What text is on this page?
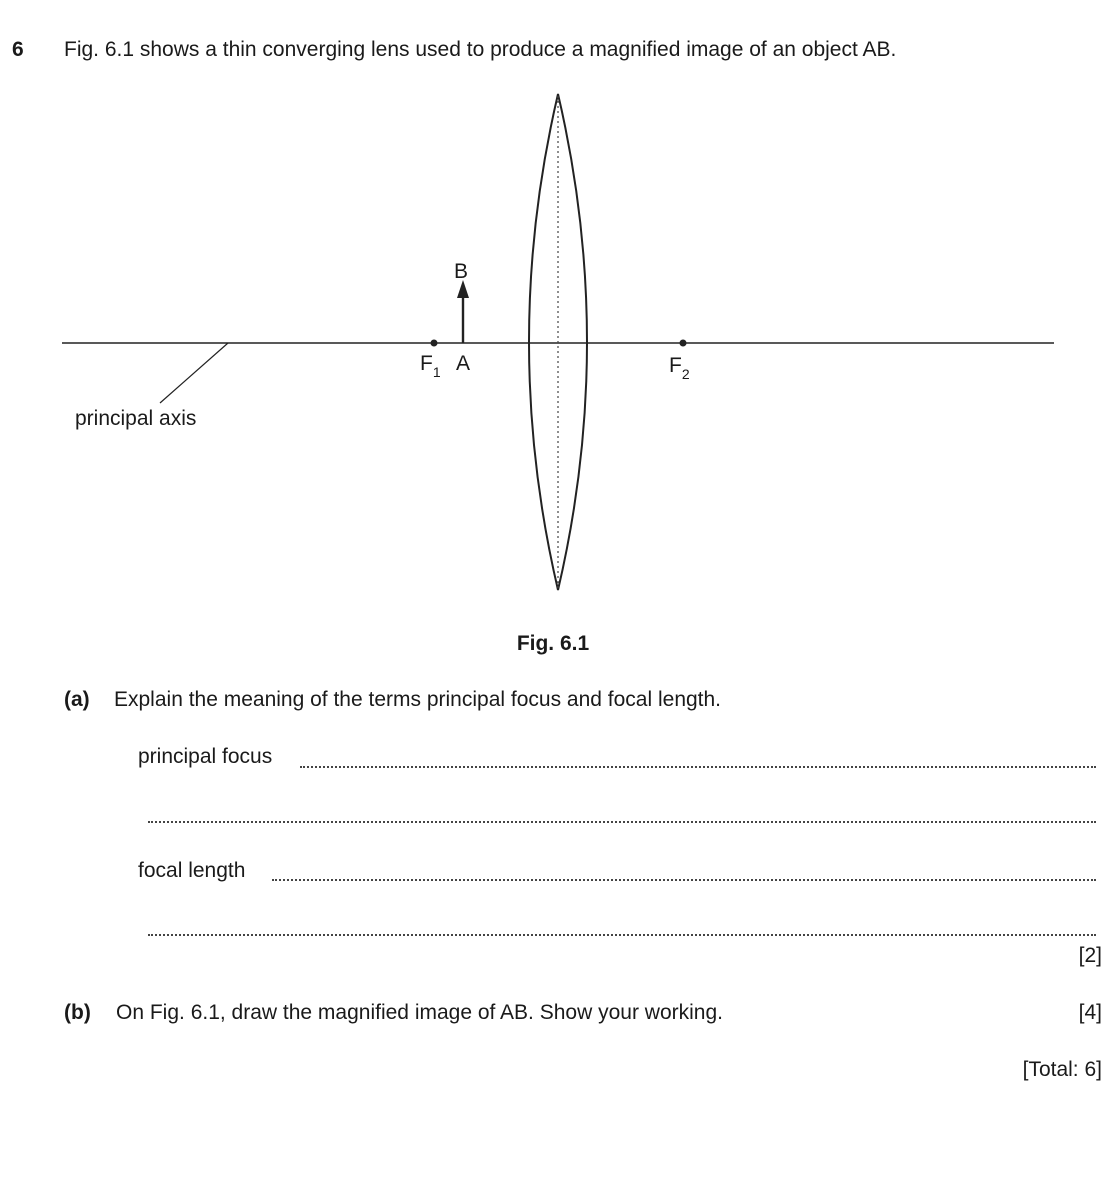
6 Fig. 6.1 shows a thin converging lens used to produce a magnified image of an object AB.
B
$F_1$ A	$F_2$
principal axis
Fig. 6.1
(a) Explain the meaning of the terms principal focus and focal length.
principal focus
focal length
[2]
(b) On Fig. 6.1, draw the magnified image of AB. Show your working.	[4]
[Total: 6]
